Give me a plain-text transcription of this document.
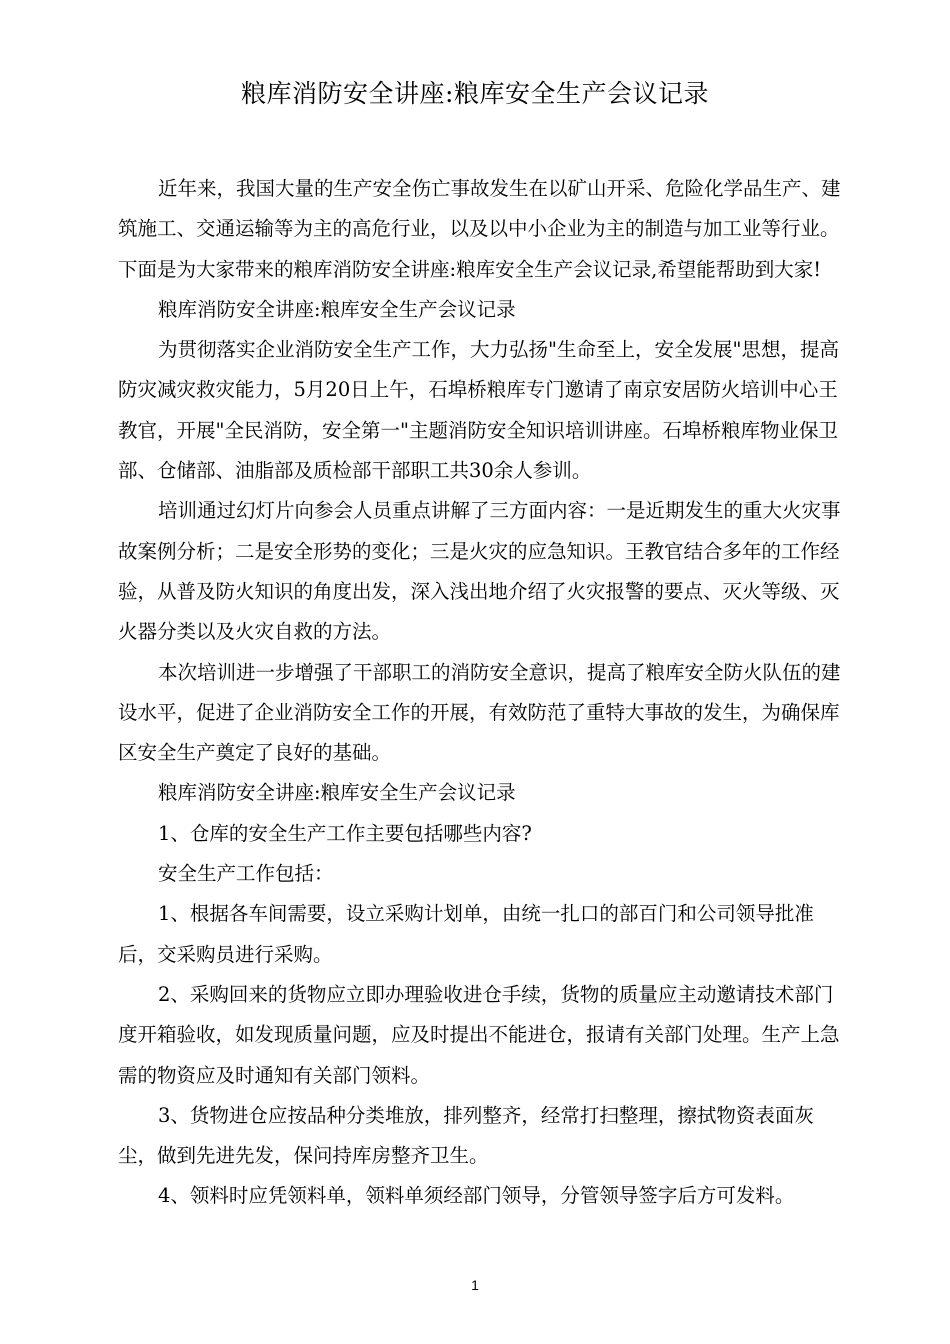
粮库消防安全讲座:粮库安全生产会议记录

近年来，我国大量的生产安全伤亡事故发生在以矿山开采、危险化学品生产、建筑施工、交通运输等为主的高危行业，以及以中小企业为主的制造与加工业等行业。下面是为大家带来的粮库消防安全讲座:粮库安全生产会议记录,希望能帮助到大家!

粮库消防安全讲座:粮库安全生产会议记录

为贯彻落实企业消防安全生产工作，大力弘扬"生命至上，安全发展"思想，提高防灾减灾救灾能力，5月20日上午，石埠桥粮库专门邀请了南京安居防火培训中心王教官，开展"全民消防，安全第一"主题消防安全知识培训讲座。石埠桥粮库物业保卫部、仓储部、油脂部及质检部干部职工共30余人参训。

培训通过幻灯片向参会人员重点讲解了三方面内容：一是近期发生的重大火灾事故案例分析；二是安全形势的变化；三是火灾的应急知识。王教官结合多年的工作经验，从普及防火知识的角度出发，深入浅出地介绍了火灾报警的要点、灭火等级、灭火器分类以及火灾自救的方法。

本次培训进一步增强了干部职工的消防安全意识，提高了粮库安全防火队伍的建设水平，促进了企业消防安全工作的开展，有效防范了重特大事故的发生，为确保库区安全生产奠定了良好的基础。

粮库消防安全讲座:粮库安全生产会议记录

1、仓库的安全生产工作主要包括哪些内容?

安全生产工作包括：

1、根据各车间需要，设立采购计划单，由统一扎口的部百门和公司领导批准后，交采购员进行采购。

2、采购回来的货物应立即办理验收进仓手续，货物的质量应主动邀请技术部门度开箱验收，如发现质量问题，应及时提出不能进仓，报请有关部门处理。生产上急需的物资应及时通知有关部门领料。

3、货物进仓应按品种分类堆放，排列整齐，经常打扫整理，擦拭物资表面灰尘，做到先进先发，保问持库房整齐卫生。

4、领料时应凭领料单，领料单须经部门领导，分管领导签字后方可发料。

1
